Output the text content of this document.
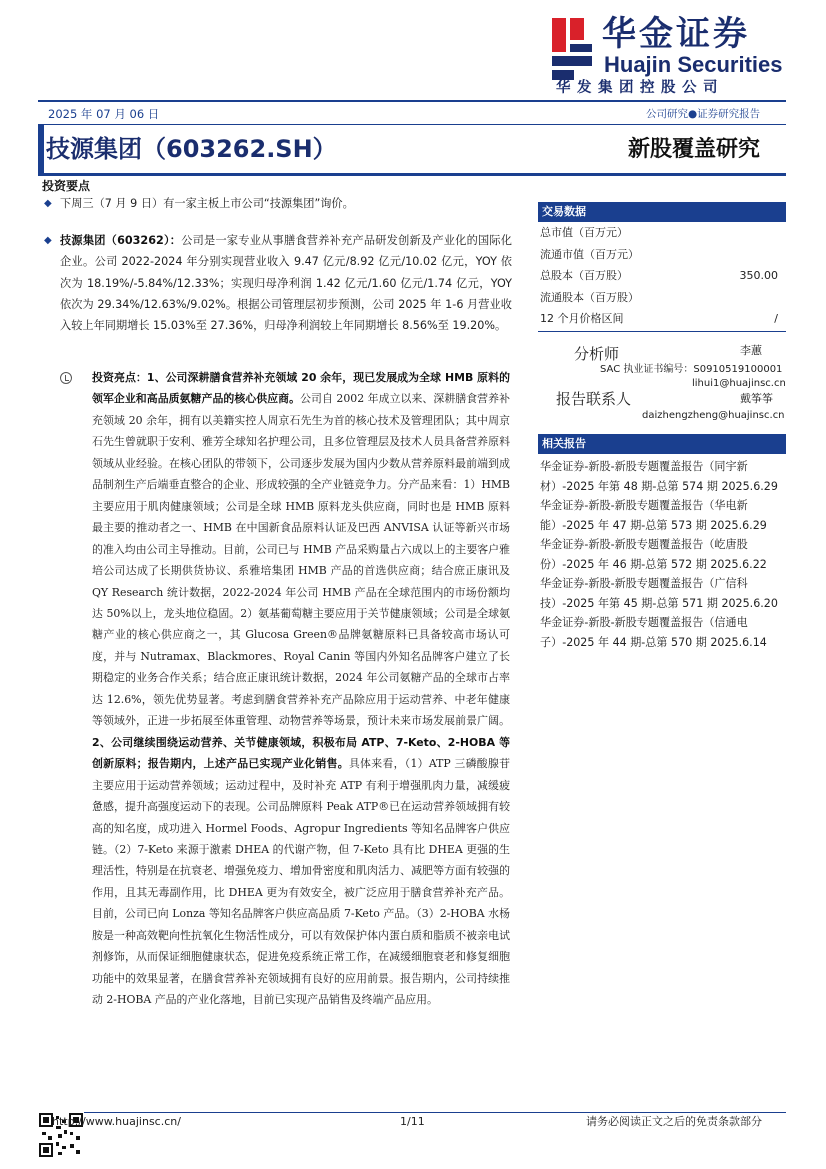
华金证券
Huajin Securities
华发集团控股公司
2025 年 07 月 06 日	公司研究●证券研究报告
技源集团（603262.SH）	新股覆盖研究
投资要点
◆ 下周三（7 月 9 日）有一家主板上市公司“技源集团”询价。
◆ 技源集团（603262）：公司是一家专业从事膳食营养补充产品研发创新及产业化的国际化企业。公司 2022-2024 年分别实现营业收入 9.47 亿元/8.92 亿元/10.02 亿元，YOY 依次为 18.19%/-5.84%/12.33%；实现归母净利润 1.42 亿元/1.60 亿元/1.74 亿元，YOY 依次为 29.34%/12.63%/9.02%。根据公司管理层初步预测，公司 2025 年 1-6 月营业收入较上年同期增长 15.03%至 27.36%，归母净利润较上年同期增长 8.56%至 19.20%。
投资亮点：1、公司深耕膳食营养补充领域 20 余年，现已发展成为全球 HMB 原料的领军企业和高品质氨糖产品的核心供应商。公司自 2002 年成立以来、深耕膳食营养补充领域 20 余年，拥有以美籍实控人周京石先生为首的核心技术及管理团队；其中周京石先生曾就职于安利、雅芳全球知名护理公司，且多位管理层及技术人员具备营养原料领域从业经验。在核心团队的带领下，公司逐步发展为国内少数从营养原料最前端到成品制剂生产后端垂直整合的企业、形成较强的全产业链竞争力。分产品来看：1）HMB 主要应用于肌肉健康领域；公司是全球 HMB 原料龙头供应商，同时也是 HMB 原料最主要的推动者之一、HMB 在中国新食品原料认证及巴西 ANVISA 认证等新兴市场的准入均由公司主导推动。目前，公司已与 HMB 产品采购量占六成以上的主要客户雅培公司达成了长期供货协议、系雅培集团 HMB 产品的首选供应商；结合庶正康讯及 QY Research 统计数据，2022-2024 年公司 HMB 产品在全球范围内的市场份额均达 50%以上，龙头地位稳固。2）氨基葡萄糖主要应用于关节健康领域；公司是全球氨糖产业的核心供应商之一，其 Glucosa Green®品牌氨糖原料已具备较高市场认可度，并与 Nutramax、Blackmores、Royal Canin 等国内外知名品牌客户建立了长期稳定的业务合作关系；结合庶正康讯统计数据，2024 年公司氨糖产品的全球市占率达 12.6%，领先优势显著。考虑到膳食营养补充产品除应用于运动营养、中老年健康等领域外，正进一步拓展至体重管理、动物营养等场景，预计未来市场发展前景广阔。2、公司继续围绕运动营养、关节健康领域，积极布局 ATP、7-Keto、2-HOBA 等创新原料；报告期内，上述产品已实现产业化销售。具体来看，（1）ATP 三磷酸腺苷主要应用于运动营养领域；运动过程中，及时补充 ATP 有利于增强肌肉力量，减缓疲惫感，提升高强度运动下的表现。公司品牌原料 Peak ATP®已在运动营养领域拥有较高的知名度，成功进入 Hormel Foods、Agropur Ingredients 等知名品牌客户供应链。（2）7-Keto 来源于激素 DHEA 的代谢产物，但 7-Keto 具有比 DHEA 更强的生理活性，特别是在抗衰老、增强免疫力、增加骨密度和肌肉活力、减肥等方面有较强的作用，且其无毒副作用，比 DHEA 更为有效安全，被广泛应用于膳食营养补充产品。目前，公司已向 Lonza 等知名品牌客户供应高品质 7-Keto 产品。（3）2-HOBA 水杨胺是一种高效靶向性抗氧化生物活性成分，可以有效保护体内蛋白质和脂质不被亲电试剂修饰，从而保证细胞健康状态，促进免疫系统正常工作，在减缓细胞衰老和修复细胞功能中的效果显著，在膳食营养补充领域拥有良好的应用前景。报告期内，公司持续推动 2-HOBA 产品的产业化落地，目前已实现产品销售及终端产品应用。
交易数据
总市值（百万元）
流通市值（百万元）
总股本（百万股）	350.00
流通股本（百万股）
12 个月价格区间	/
分析师	李蕙
SAC 执业证书编号：S0910519100001
lihui1@huajinsc.cn
报告联系人	戴筝筝
daizhengzheng@huajinsc.cn
相关报告
华金证券-新股-新股专题覆盖报告（同宇新材）-2025 年第 48 期-总第 574 期 2025.6.29
华金证券-新股-新股专题覆盖报告（华电新能）-2025 年 47 期-总第 573 期 2025.6.29
华金证券-新股-新股专题覆盖报告（屹唐股份）-2025 年 46 期-总第 572 期 2025.6.22
华金证券-新股-新股专题覆盖报告（广信科技）-2025 年第 45 期-总第 571 期 2025.6.20
华金证券-新股-新股专题覆盖报告（信通电子）-2025 年 44 期-总第 570 期 2025.6.14
http://www.huajinsc.cn/	1/11	请务必阅读正文之后的免责条款部分
